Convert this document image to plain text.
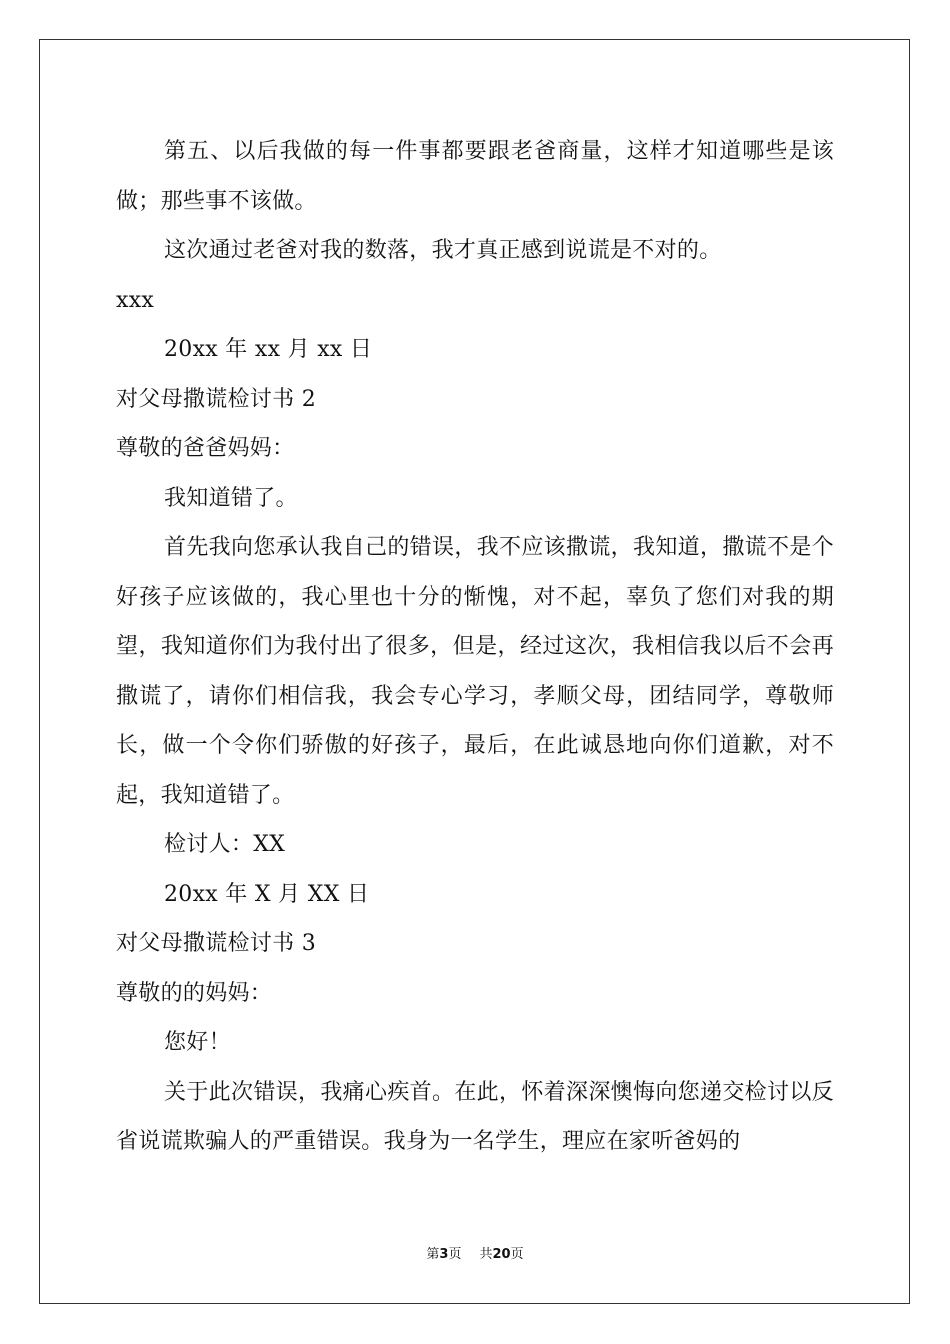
第五、以后我做的每一件事都要跟老爸商量，这样才知道哪些是该做；那些事不该做。
这次通过老爸对我的数落，我才真正感到说谎是不对的。
xxx
20xx 年 xx 月 xx 日
对父母撒谎检讨书 2
尊敬的爸爸妈妈：
我知道错了。
首先我向您承认我自己的错误，我不应该撒谎，我知道，撒谎不是个好孩子应该做的，我心里也十分的惭愧，对不起，辜负了您们对我的期望，我知道你们为我付出了很多，但是，经过这次，我相信我以后不会再撒谎了，请你们相信我，我会专心学习，孝顺父母，团结同学，尊敬师长，做一个令你们骄傲的好孩子，最后，在此诚恳地向你们道歉，对不起，我知道错了。
检讨人：XX
20xx 年 X 月 XX 日
对父母撒谎检讨书 3
尊敬的的妈妈：
您好！
关于此次错误，我痛心疾首。在此，怀着深深懊悔向您递交检讨以反省说谎欺骗人的严重错误。我身为一名学生，理应在家听爸妈的
第3页 共20页
